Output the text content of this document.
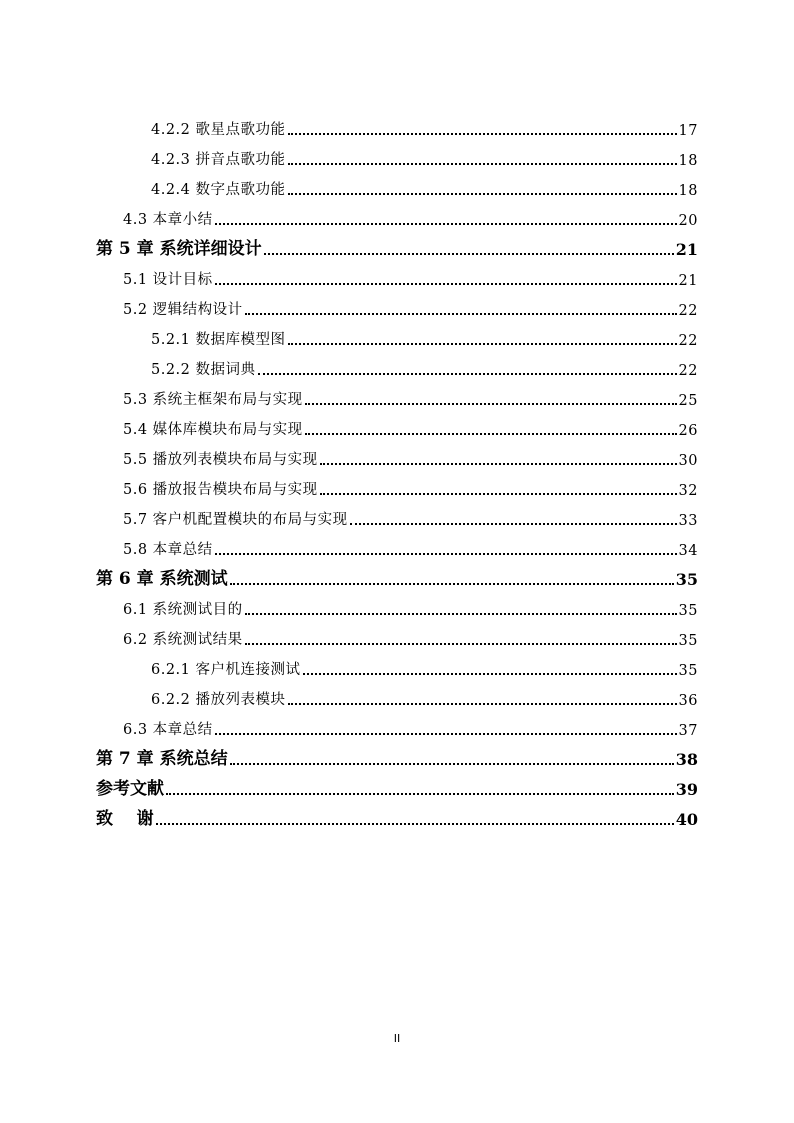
4.2.2 歌星点歌功能	17
4.2.3 拼音点歌功能	18
4.2.4 数字点歌功能	18
4.3 本章小结	20
第 5 章 系统详细设计	21
5.1 设计目标	21
5.2 逻辑结构设计	22
5.2.1 数据库模型图	22
5.2.2 数据词典	22
5.3 系统主框架布局与实现	25
5.4 媒体库模块布局与实现	26
5.5 播放列表模块布局与实现	30
5.6 播放报告模块布局与实现	32
5.7 客户机配置模块的布局与实现	33
5.8 本章总结	34
第 6 章 系统测试	35
6.1 系统测试目的	35
6.2 系统测试结果	35
6.2.1 客户机连接测试	35
6.2.2 播放列表模块	36
6.3 本章总结	37
第 7 章 系统总结	38
参考文献	39
致    谢	40
II
